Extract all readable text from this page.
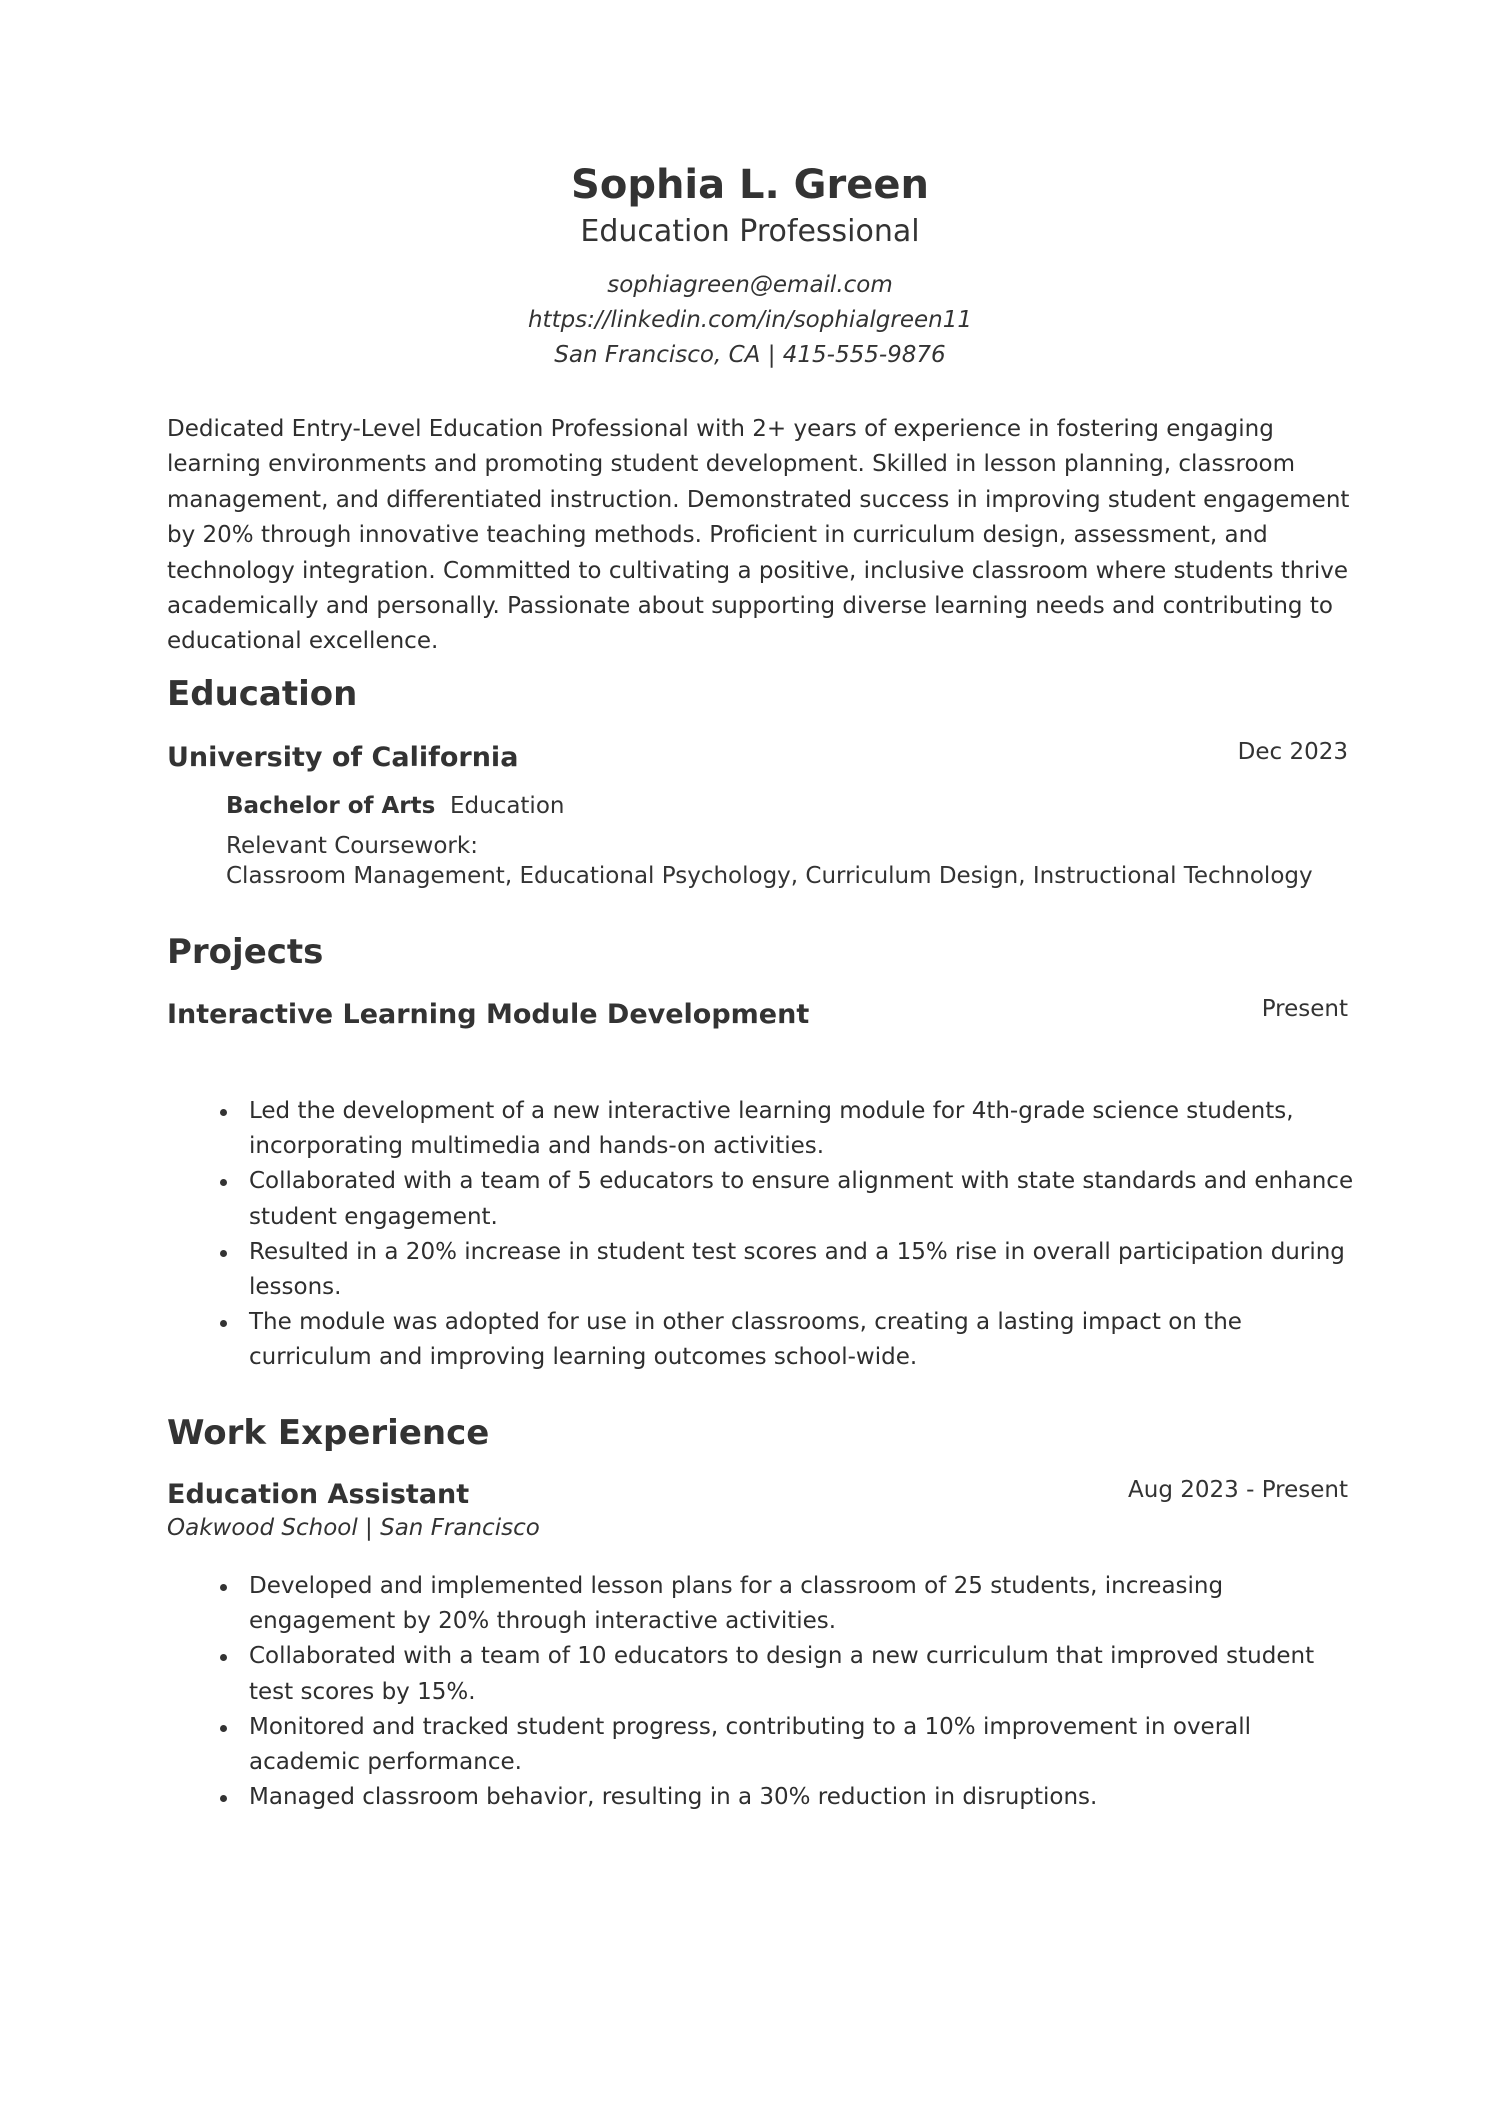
Sophia L. Green
Education Professional
sophiagreen@email.com
https://linkedin.com/in/sophialgreen11
San Francisco, CA | 415-555-9876
Dedicated Entry-Level Education Professional with 2+ years of experience in fostering engaging learning environments and promoting student development. Skilled in lesson planning, classroom management, and differentiated instruction. Demonstrated success in improving student engagement by 20% through innovative teaching methods. Proficient in curriculum design, assessment, and technology integration. Committed to cultivating a positive, inclusive classroom where students thrive academically and personally. Passionate about supporting diverse learning needs and contributing to educational excellence.
Education
University of California	Dec 2023
Bachelor of Arts Education
Relevant Coursework:
Classroom Management, Educational Psychology, Curriculum Design, Instructional Technology
Projects
Interactive Learning Module Development	Present
Led the development of a new interactive learning module for 4th-grade science students, incorporating multimedia and hands-on activities.
Collaborated with a team of 5 educators to ensure alignment with state standards and enhance student engagement.
Resulted in a 20% increase in student test scores and a 15% rise in overall participation during lessons.
The module was adopted for use in other classrooms, creating a lasting impact on the curriculum and improving learning outcomes school-wide.
Work Experience
Education Assistant	Aug 2023 - Present
Oakwood School | San Francisco
Developed and implemented lesson plans for a classroom of 25 students, increasing engagement by 20% through interactive activities.
Collaborated with a team of 10 educators to design a new curriculum that improved student test scores by 15%.
Monitored and tracked student progress, contributing to a 10% improvement in overall academic performance.
Managed classroom behavior, resulting in a 30% reduction in disruptions.
